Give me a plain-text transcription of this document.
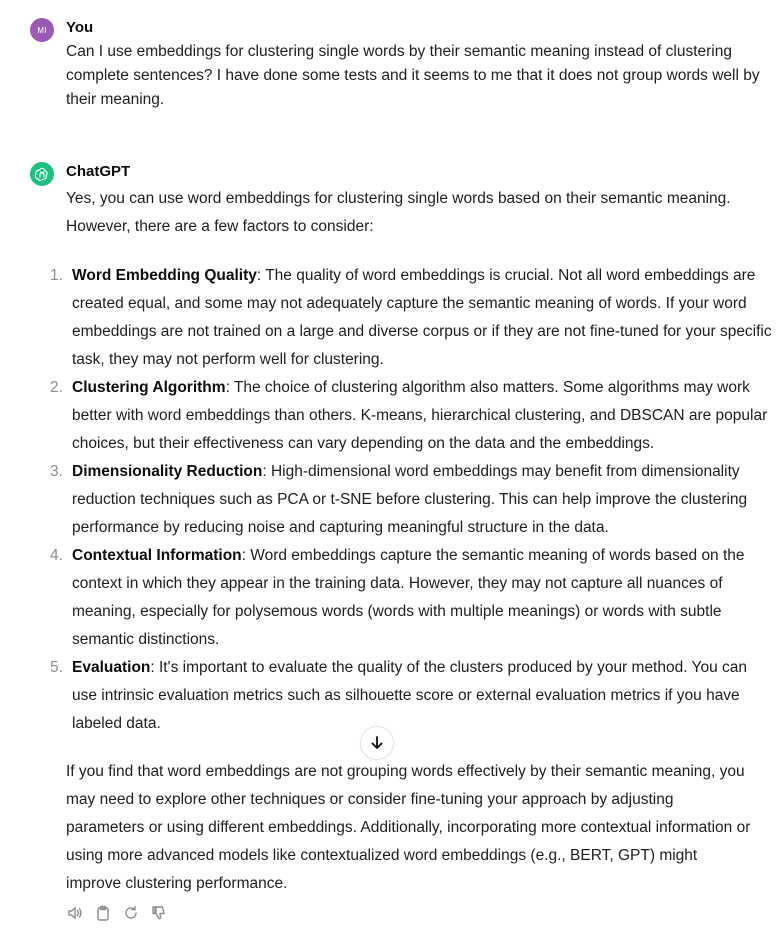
MI You
Can I use embeddings for clustering single words by their semantic meaning instead of clustering complete sentences? I have done some tests and it seems to me that it does not group words well by their meaning.
ChatGPT
Yes, you can use word embeddings for clustering single words based on their semantic meaning. However, there are a few factors to consider:
1. Word Embedding Quality: The quality of word embeddings is crucial. Not all word embeddings are created equal, and some may not adequately capture the semantic meaning of words. If your word embeddings are not trained on a large and diverse corpus or if they are not fine-tuned for your specific task, they may not perform well for clustering.
2. Clustering Algorithm: The choice of clustering algorithm also matters. Some algorithms may work better with word embeddings than others. K-means, hierarchical clustering, and DBSCAN are popular choices, but their effectiveness can vary depending on the data and the embeddings.
3. Dimensionality Reduction: High-dimensional word embeddings may benefit from dimensionality reduction techniques such as PCA or t-SNE before clustering. This can help improve the clustering performance by reducing noise and capturing meaningful structure in the data.
4. Contextual Information: Word embeddings capture the semantic meaning of words based on the context in which they appear in the training data. However, they may not capture all nuances of meaning, especially for polysemous words (words with multiple meanings) or words with subtle semantic distinctions.
5. Evaluation: It's important to evaluate the quality of the clusters produced by your method. You can use intrinsic evaluation metrics such as silhouette score or external evaluation metrics if you have labeled data.
If you find that word embeddings are not grouping words effectively by their semantic meaning, you may need to explore other techniques or consider fine-tuning your approach by adjusting parameters or using different embeddings. Additionally, incorporating more contextual information or using more advanced models like contextualized word embeddings (e.g., BERT, GPT) might improve clustering performance.
